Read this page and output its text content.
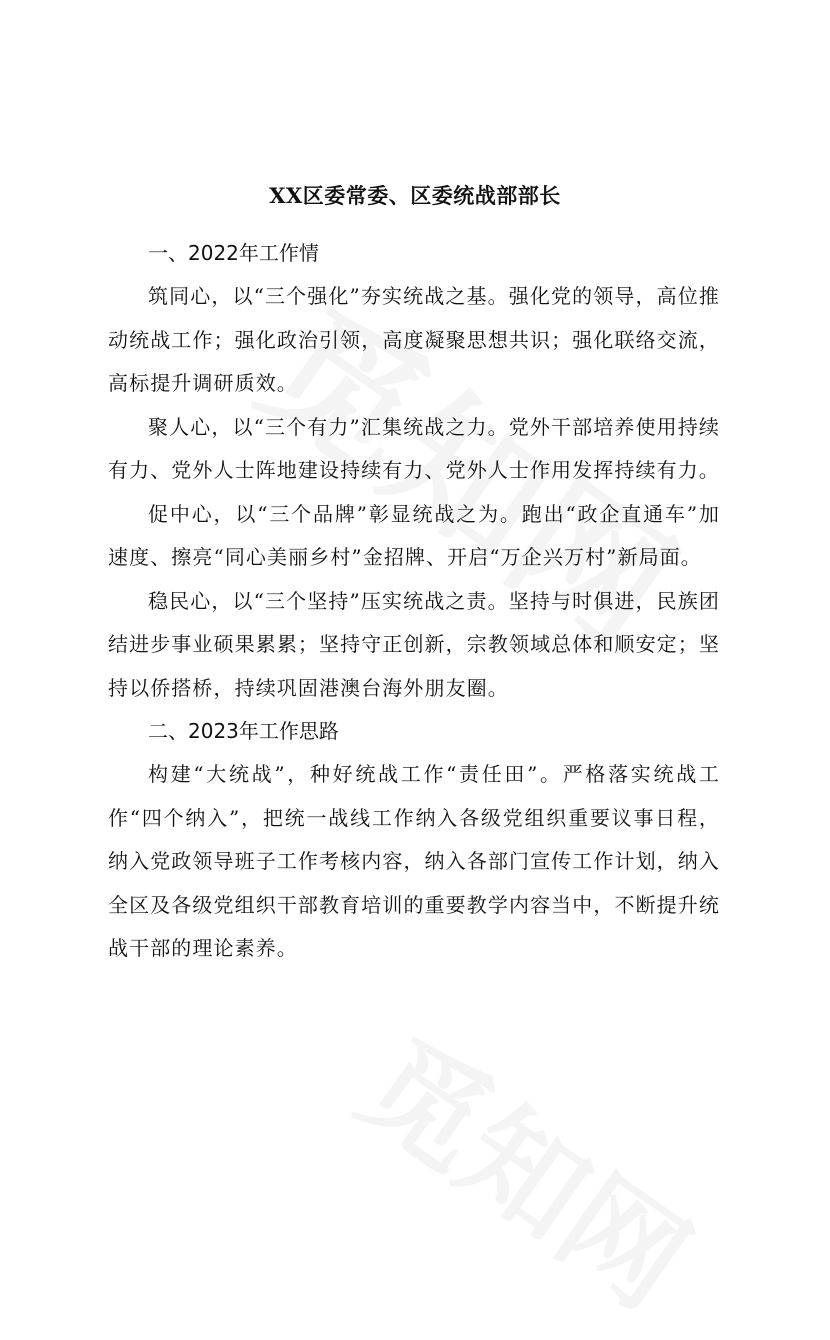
XX区委常委、区委统战部部长

一、2022年工作情

筑同心，以“三个强化”夯实统战之基。强化党的领导，高位推动统战工作；强化政治引领，高度凝聚思想共识；强化联络交流，高标提升调研质效。

聚人心，以“三个有力”汇集统战之力。党外干部培养使用持续有力、党外人士阵地建设持续有力、党外人士作用发挥持续有力。

促中心，以“三个品牌”彰显统战之为。跑出“政企直通车”加速度、擦亮“同心美丽乡村”金招牌、开启“万企兴万村”新局面。

稳民心，以“三个坚持”压实统战之责。坚持与时俱进，民族团结进步事业硕果累累；坚持守正创新，宗教领域总体和顺安定；坚持以侨搭桥，持续巩固港澳台海外朋友圈。

二、2023年工作思路

构建“大统战”，种好统战工作“责任田”。严格落实统战工作“四个纳入”，把统一战线工作纳入各级党组织重要议事日程，纳入党政领导班子工作考核内容，纳入各部门宣传工作计划，纳入全区及各级党组织干部教育培训的重要教学内容当中，不断提升统战干部的理论素养。
